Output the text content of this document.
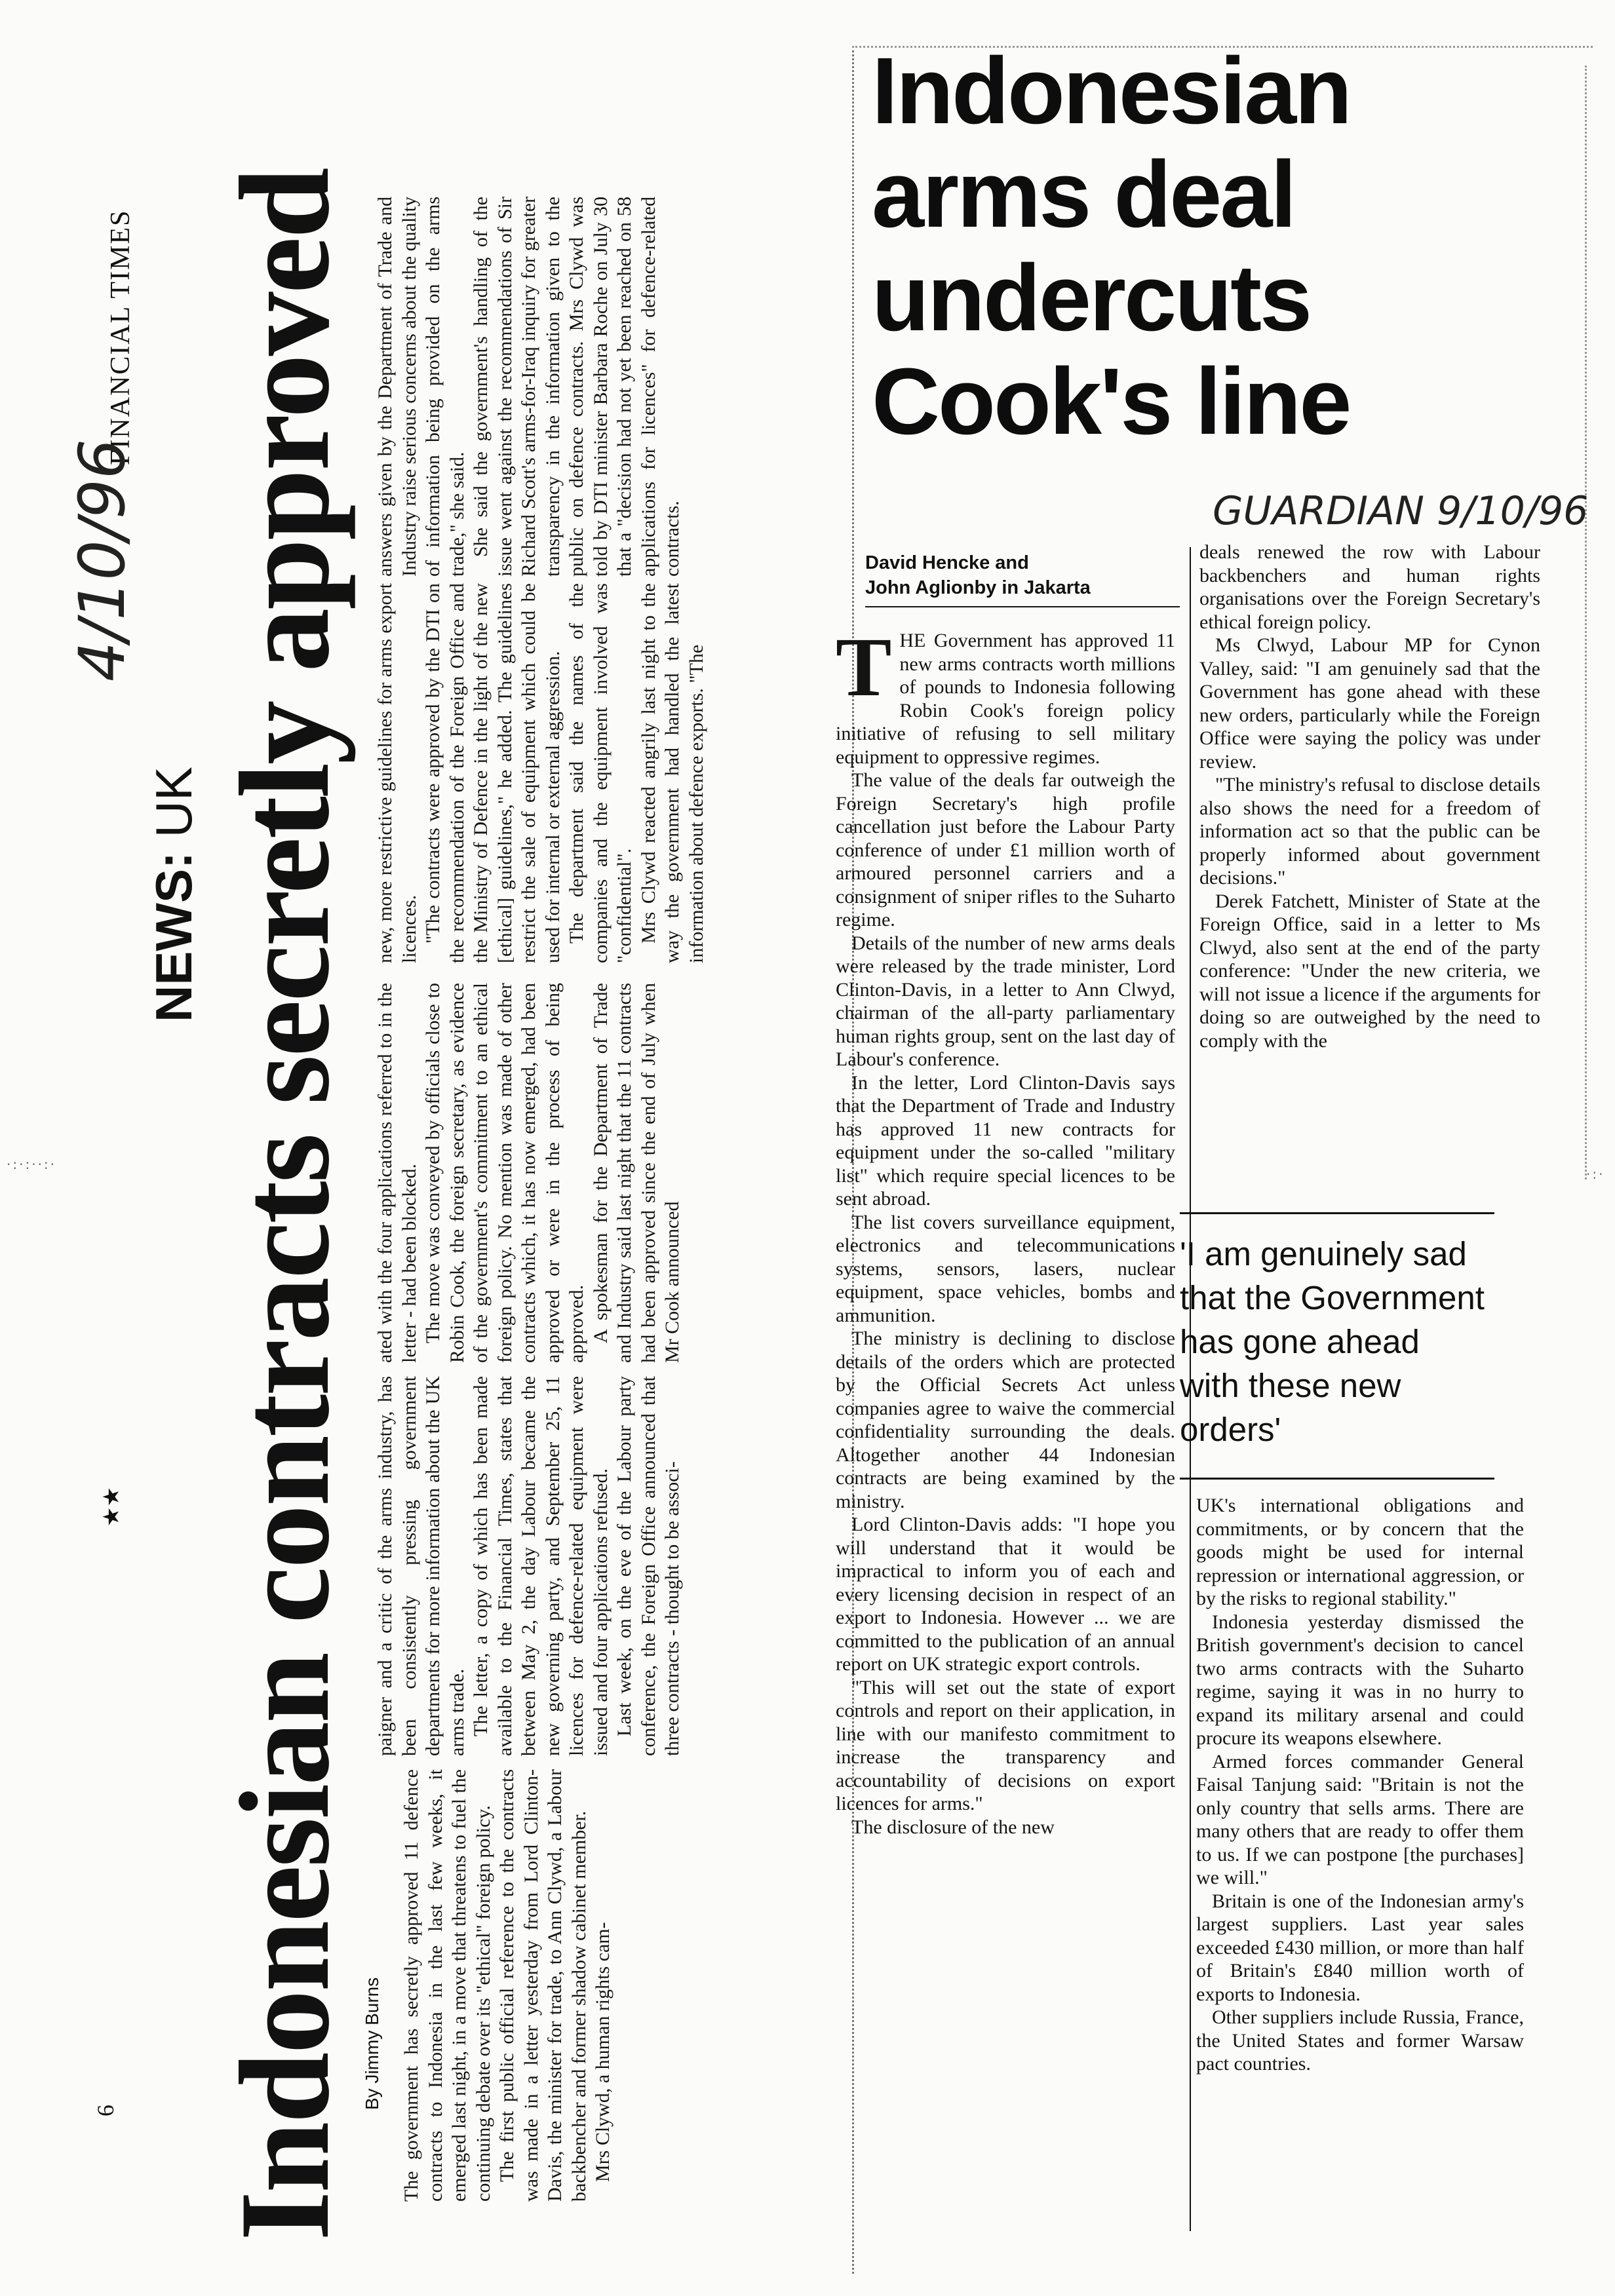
FINANCIAL TIMES
4/10/96
NEWS: UK
★★
6 Indonesian contracts secretly approved By Jimmy Burns

The government has secretly approved 11 defence contracts to Indonesia in the last few weeks, it emerged last night, in a move that threatens to fuel the continuing debate over its "ethical" foreign policy.
 The first public official reference to the contracts was made in a letter yesterday from Lord Clinton-Davis, the minister for trade, to Ann Clywd, a Labour backbencher and former shadow cabinet member.
 Mrs Clywd, a human rights cam-

paigner and a critic of the arms industry, has been consistently pressing government departments for more information about the UK arms trade.
 The letter, a copy of which has been made available to the Financial Times, states that between May 2, the day Labour became the new governing party, and September 25, 11 licences for defence-related equipment were issued and four applications refused.
 Last week, on the eve of the Labour party conference, the Foreign Office announced that three contracts - thought to be associ-

ated with the four applications referred to in the letter - had been blocked.
 The move was conveyed by officials close to Robin Cook, the foreign secretary, as evidence of the government's commitment to an ethical foreign policy. No mention was made of other contracts which, it has now emerged, had been approved or were in the process of being approved.
 A spokesman for the Department of Trade and Industry said last night that the 11 contracts had been approved since the end of July when Mr Cook announced

new, more restrictive guidelines for arms export licences.
 "The contracts were approved by the DTI on the recommendation of the Foreign Office and the Ministry of Defence in the light of the new [ethical] guidelines," he added. The guidelines restrict the sale of equipment which could be used for internal or external aggression.
 The department said the names of the companies and the equipment involved was "confidential".
 Mrs Clywd reacted angrily last night to the way the government had handled the latest information about defence exports. "The

answers given by the Department of Trade and Industry raise serious concerns about the quality of information being provided on the arms trade," she said.
 She said the government's handling of the issue went against the recommendations of Sir Richard Scott's arms-for-Iraq inquiry for greater transparency in the information given to the public on defence contracts. Mrs Clywd was told by DTI minister Barbara Roche on July 30 that a "decision had not yet been reached on 58 applications for licences" for defence-related contracts.

·:·:··:·
·:·
Indonesian
arms deal
undercuts
Cook's line
GUARDIAN 9/10/96
David Hencke and
John Aglionby in Jakarta

THE Government has approved 11 new arms contracts worth millions of pounds to Indonesia following Robin Cook's foreign policy initiative of refusing to sell military equipment to oppressive regimes.

The value of the deals far outweigh the Foreign Secretary's high profile cancellation just before the Labour Party conference of under £1 million worth of armoured personnel carriers and a consignment of sniper rifles to the Suharto regime.

Details of the number of new arms deals were released by the trade minister, Lord Clinton-Davis, in a letter to Ann Clwyd, chairman of the all-party parliamentary human rights group, sent on the last day of Labour's conference.

In the letter, Lord Clinton-Davis says that the Department of Trade and Industry has approved 11 new contracts for equipment under the so-called "military list" which require special licences to be sent abroad.

The list covers surveillance equipment, electronics and telecommunications systems, sensors, lasers, nuclear equipment, space vehicles, bombs and ammunition.

The ministry is declining to disclose details of the orders which are protected by the Official Secrets Act unless companies agree to waive the commercial confidentiality surrounding the deals. Altogether another 44 Indonesian contracts are being examined by the ministry.

Lord Clinton-Davis adds: "I hope you will understand that it would be impractical to inform you of each and every licensing decision in respect of an export to Indonesia. However ... we are committed to the publication of an annual report on UK strategic export controls.

"This will set out the state of export controls and report on their application, in line with our manifesto commitment to increase the transparency and accountability of decisions on export licences for arms."

The disclosure of the new

deals renewed the row with Labour backbenchers and human rights organisations over the Foreign Secretary's ethical foreign policy.

Ms Clwyd, Labour MP for Cynon Valley, said: "I am genuinely sad that the Government has gone ahead with these new orders, particularly while the Foreign Office were saying the policy was under review.

"The ministry's refusal to disclose details also shows the need for a freedom of information act so that the public can be properly informed about government decisions."

Derek Fatchett, Minister of State at the Foreign Office, said in a letter to Ms Clwyd, also sent at the end of the party conference: "Under the new criteria, we will not issue a licence if the arguments for doing so are outweighed by the need to comply with the

'I am genuinely sad that the Government has gone ahead with these new orders'

UK's international obligations and commitments, or by concern that the goods might be used for internal repression or international aggression, or by the risks to regional stability."

Indonesia yesterday dismissed the British government's decision to cancel two arms contracts with the Suharto regime, saying it was in no hurry to expand its military arsenal and could procure its weapons elsewhere.

Armed forces commander General Faisal Tanjung said: "Britain is not the only country that sells arms. There are many others that are ready to offer them to us. If we can postpone [the purchases] we will."

Britain is one of the Indonesian army's largest suppliers. Last year sales exceeded £430 million, or more than half of Britain's £840 million worth of exports to Indonesia.

Other suppliers include Russia, France, the United States and former Warsaw pact countries.
